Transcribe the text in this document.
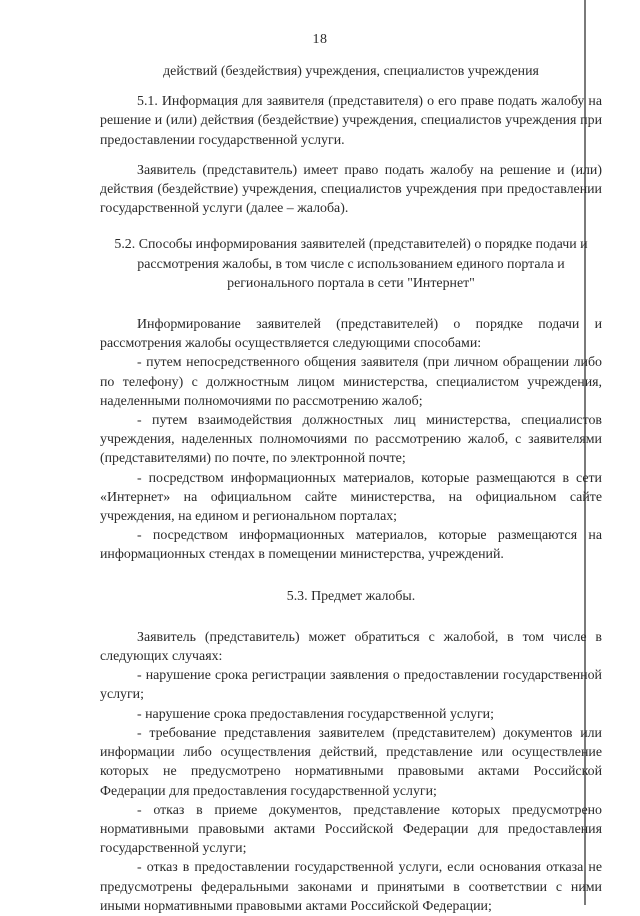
18

действий (бездействия) учреждения, специалистов учреждения

5.1. Информация для заявителя (представителя) о его праве подать жалобу на решение и (или) действия (бездействие) учреждения, специалистов учреждения при предоставлении государственной услуги.

Заявитель (представитель) имеет право подать жалобу на решение и (или) действия (бездействие) учреждения, специалистов учреждения при предоставлении государственной услуги (далее – жалоба).

5.2. Способы информирования заявителей (представителей) о порядке подачи и рассмотрения жалобы, в том числе с использованием единого портала и регионального портала в сети "Интернет"

Информирование заявителей (представителей) о порядке подачи и рассмотрения жалобы осуществляется следующими способами:

- путем непосредственного общения заявителя (при личном обращении либо по телефону) с должностным лицом министерства, специалистом учреждения, наделенными полномочиями по рассмотрению жалоб;

- путем взаимодействия должностных лиц министерства, специалистов учреждения, наделенных полномочиями по рассмотрению жалоб, с заявителями (представителями) по почте, по электронной почте;

- посредством информационных материалов, которые размещаются в сети «Интернет» на официальном сайте министерства, на официальном сайте учреждения, на едином и региональном порталах;

- посредством информационных материалов, которые размещаются на информационных стендах в помещении министерства, учреждений.

5.3. Предмет жалобы.

Заявитель (представитель) может обратиться с жалобой, в том числе в следующих случаях:

- нарушение срока регистрации заявления о предоставлении государственной услуги;

- нарушение срока предоставления государственной услуги;

- требование представления заявителем (представителем) документов или информации либо осуществления действий, представление или осуществление которых не предусмотрено нормативными правовыми актами Российской Федерации для предоставления государственной услуги;

- отказ в приеме документов, представление которых предусмотрено нормативными правовыми актами Российской Федерации для предоставления государственной услуги;

- отказ в предоставлении государственной услуги, если основания отказа не предусмотрены федеральными законами и принятыми в соответствии с ними иными нормативными правовыми актами Российской Федерации;
